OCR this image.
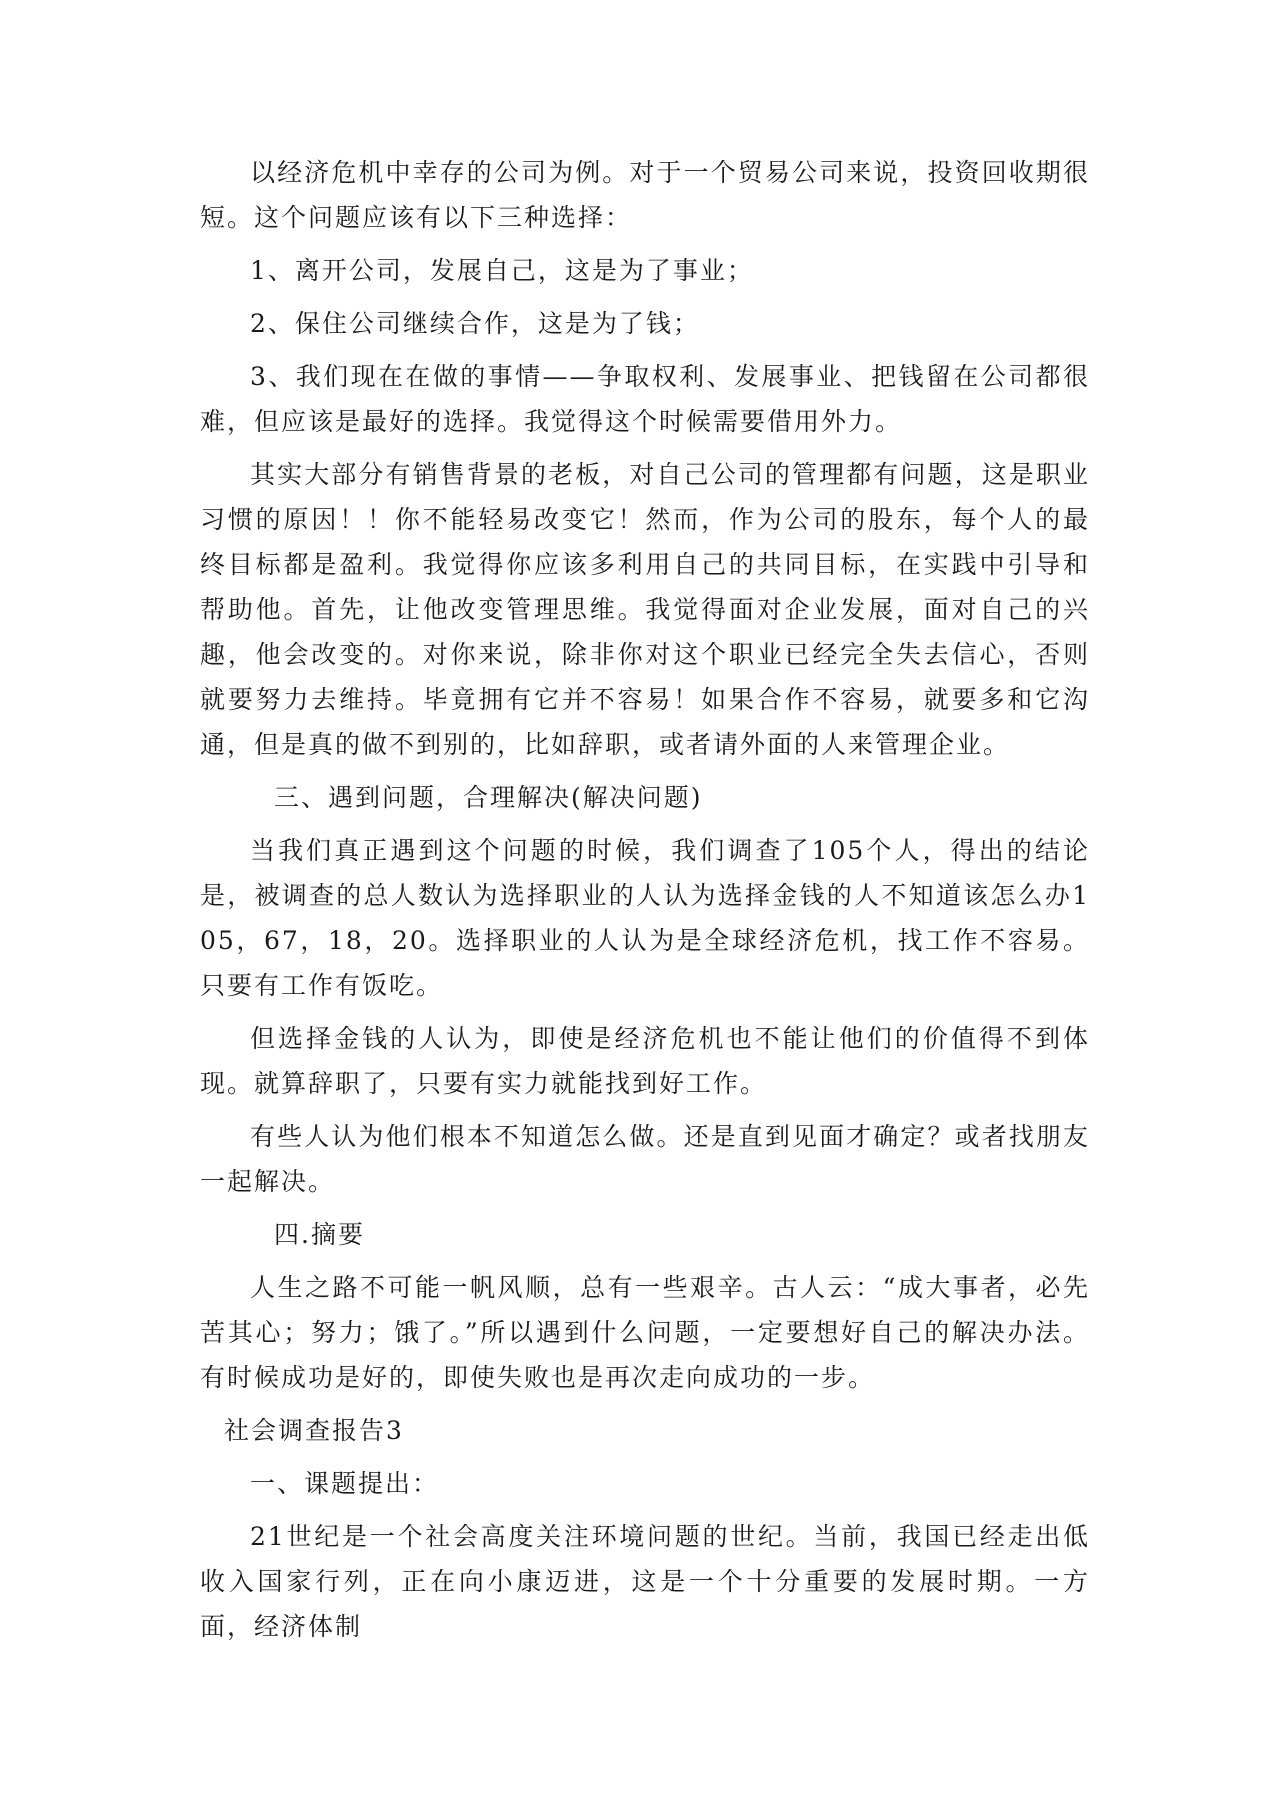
以经济危机中幸存的公司为例。对于一个贸易公司来说，投资回收期很短。这个问题应该有以下三种选择：

1、离开公司，发展自己，这是为了事业；

2、保住公司继续合作，这是为了钱；

3、我们现在在做的事情——争取权利、发展事业、把钱留在公司都很难，但应该是最好的选择。我觉得这个时候需要借用外力。

其实大部分有销售背景的老板，对自己公司的管理都有问题，这是职业习惯的原因！！你不能轻易改变它！然而，作为公司的股东，每个人的最终目标都是盈利。我觉得你应该多利用自己的共同目标，在实践中引导和帮助他。首先，让他改变管理思维。我觉得面对企业发展，面对自己的兴趣，他会改变的。对你来说，除非你对这个职业已经完全失去信心，否则就要努力去维持。毕竟拥有它并不容易！如果合作不容易，就要多和它沟通，但是真的做不到别的，比如辞职，或者请外面的人来管理企业。

三、遇到问题，合理解决(解决问题)

当我们真正遇到这个问题的时候，我们调查了105个人，得出的结论是，被调查的总人数认为选择职业的人认为选择金钱的人不知道该怎么办105，67，18，20。选择职业的人认为是全球经济危机，找工作不容易。只要有工作有饭吃。

但选择金钱的人认为，即使是经济危机也不能让他们的价值得不到体现。就算辞职了，只要有实力就能找到好工作。

有些人认为他们根本不知道怎么做。还是直到见面才确定？或者找朋友一起解决。

四.摘要

人生之路不可能一帆风顺，总有一些艰辛。古人云：“成大事者，必先苦其心；努力；饿了。”所以遇到什么问题，一定要想好自己的解决办法。有时候成功是好的，即使失败也是再次走向成功的一步。

社会调查报告3

一、课题提出：

21世纪是一个社会高度关注环境问题的世纪。当前，我国已经走出低收入国家行列，正在向小康迈进，这是一个十分重要的发展时期。一方面，经济体制
